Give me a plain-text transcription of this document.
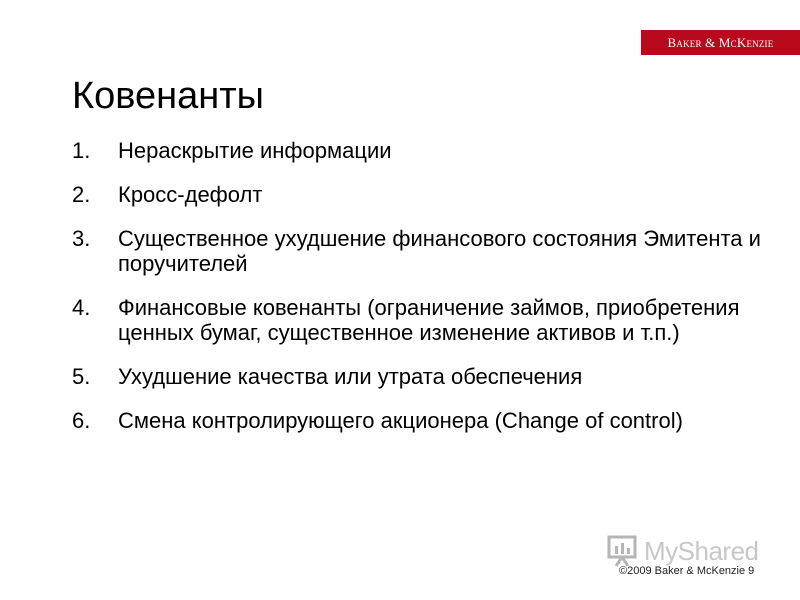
Baker & McKenzie
Ковенанты
1.	Нераскрытие информации
2.	Кросс-дефолт
3.	Существенное ухудшение финансового состояния Эмитента и поручителей
4.	Финансовые ковенанты (ограничение займов, приобретения ценных бумаг, существенное изменение активов и т.п.)
5.	Ухудшение качества или утрата обеспечения
6.	Смена контролирующего акционера (Change of control)
MyShared
©2009 Baker & McKenzie 9
